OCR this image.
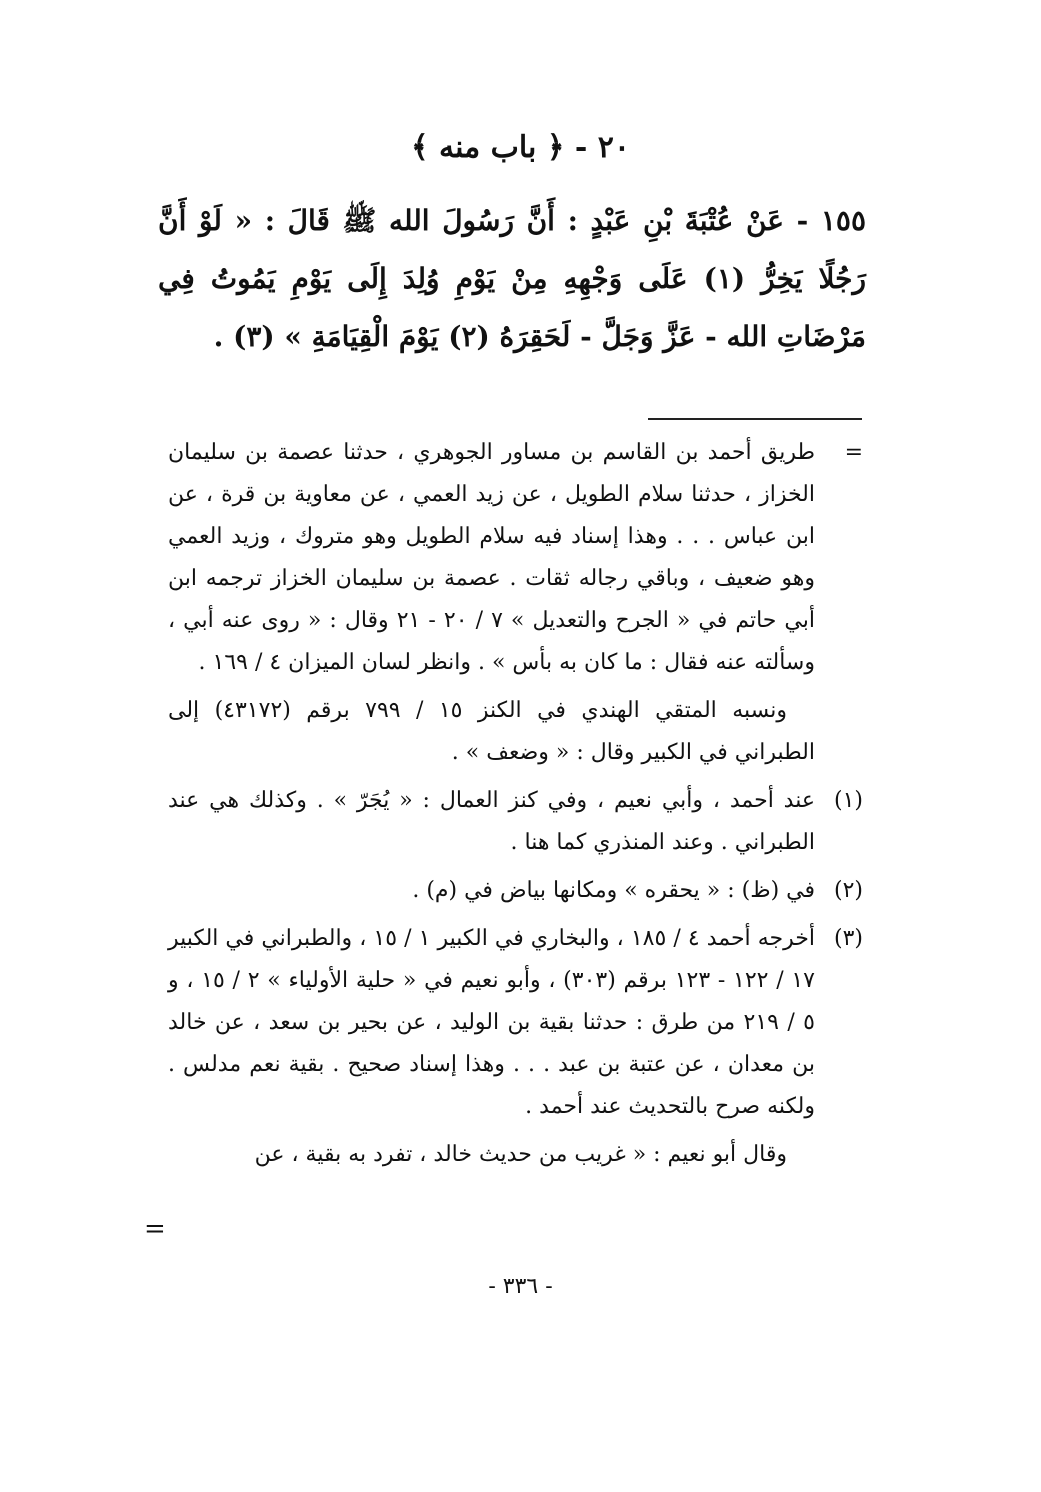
٢٠ - ﴿ باب منه ﴾

١٥٥ - عَنْ عُتْبَةَ بْنِ عَبْدٍ : أَنَّ رَسُولَ الله ﷺ قَالَ : « لَوْ أَنَّ رَجُلًا يَخِرُّ (١) عَلَى وَجْهِهِ مِنْ يَوْمِ وُلِدَ إِلَى يَوْمِ يَمُوتُ فِي مَرْضَاتِ الله - عَزَّ وَجَلَّ - لَحَقِرَهُ (٢) يَوْمَ الْقِيَامَةِ » (٣) .

=
طريق أحمد بن القاسم بن مساور الجوهري ، حدثنا عصمة بن سليمان الخزاز ، حدثنا سلام الطويل ، عن زيد العمي ، عن معاوية بن قرة ، عن ابن عباس . . . وهذا إسناد فيه سلام الطويل وهو متروك ، وزيد العمي وهو ضعيف ، وباقي رجاله ثقات . عصمة بن سليمان الخزاز ترجمه ابن أبي حاتم في « الجرح والتعديل » ٧ / ٢٠ - ٢١ وقال : « روى عنه أبي ، وسألته عنه فقال : ما كان به بأس » . وانظر لسان الميزان ٤ / ١٦٩ .
ونسبه المتقي الهندي في الكنز ١٥ / ٧٩٩ برقم (٤٣١٧٢) إلى الطبراني في الكبير وقال : « وضعف » .
(١)
عند أحمد ، وأبي نعيم ، وفي كنز العمال : « يُجَرّ » . وكذلك هي عند الطبراني . وعند المنذري كما هنا .
(٢)
في (ظ) : « يحقره » ومكانها بياض في (م) .
(٣)
أخرجه أحمد ٤ / ١٨٥ ، والبخاري في الكبير ١ / ١٥ ، والطبراني في الكبير ١٧ / ١٢٢ - ١٢٣ برقم (٣٠٣) ، وأبو نعيم في « حلية الأولياء » ٢ / ١٥ ، و ٥ / ٢١٩ من طرق : حدثنا بقية بن الوليد ، عن بحير بن سعد ، عن خالد بن معدان ، عن عتبة بن عبد . . . وهذا إسناد صحيح . بقية نعم مدلس . ولكنه صرح بالتحديث عند أحمد .
وقال أبو نعيم : « غريب من حديث خالد ، تفرد به بقية ، عن
=
- ٣٣٦ -
